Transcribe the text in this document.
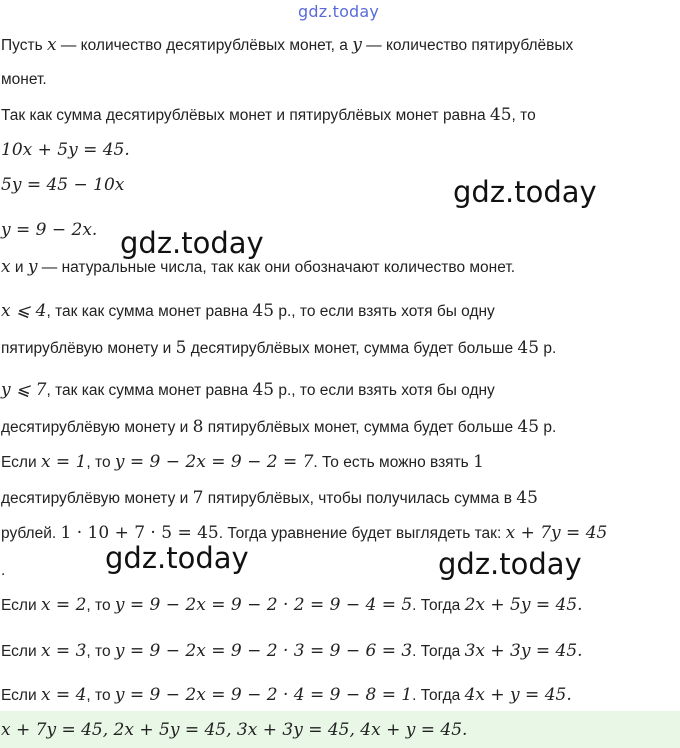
gdz.today
Пусть x — количество десятирублёвых монет, а y — количество пятирублёвых
монет.
Так как сумма десятирублёвых монет и пятирублёвых монет равна 45, то
10x + 5y = 45.
5y = 45 − 10x
y = 9 − 2x.
x и y — натуральные числа, так как они обозначают количество монет.
x ⩽ 4, так как сумма монет равна 45 р., то если взять хотя бы одну
пятирублёвую монету и 5 десятирублёвых монет, сумма будет больше 45 р.
y ⩽ 7, так как сумма монет равна 45 р., то если взять хотя бы одну
десятирублёвую монету и 8 пятирублёвых монет, сумма будет больше 45 р.
Если x = 1, то y = 9 − 2x = 9 − 2 = 7. То есть можно взять 1
десятирублёвую монету и 7 пятирублёвых, чтобы получилась сумма в 45
рублей. 1 · 10 + 7 · 5 = 45. Тогда уравнение будет выглядеть так: x + 7y = 45
.
Если x = 2, то y = 9 − 2x = 9 − 2 · 2 = 9 − 4 = 5. Тогда 2x + 5y = 45.
Если x = 3, то y = 9 − 2x = 9 − 2 · 3 = 9 − 6 = 3. Тогда 3x + 3y = 45.
Если x = 4, то y = 9 − 2x = 9 − 2 · 4 = 9 − 8 = 1. Тогда 4x + y = 45.
x + 7y = 45, 2x + 5y = 45, 3x + 3y = 45, 4x + y = 45.
gdz.today
gdz.today
gdz.today	gdz.today
